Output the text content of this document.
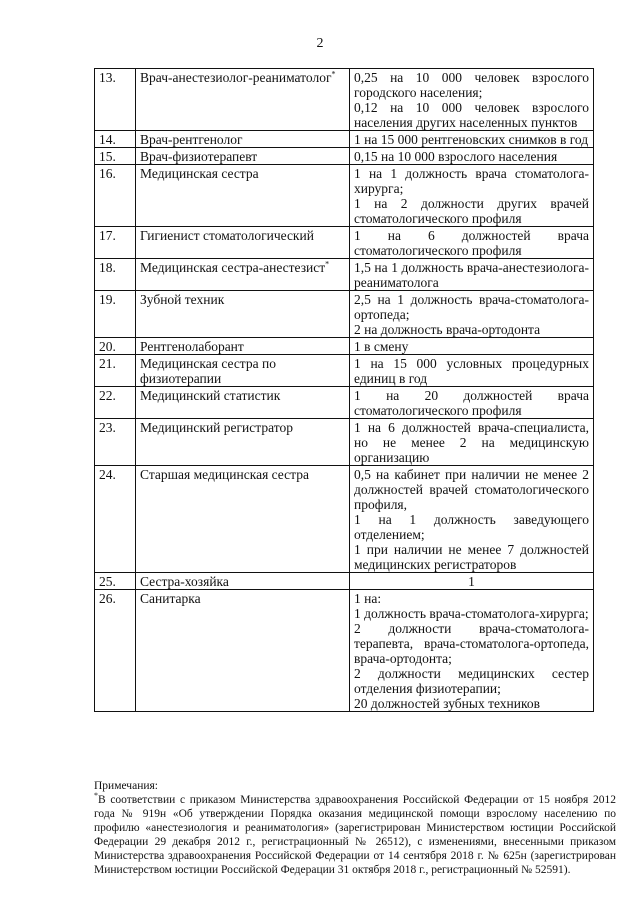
2
13.	Врач-анестезиолог-реаниматолог*	0,25 на 10 000 человек взрослого городского населения;
0,12 на 10 000 человек взрослого населения других населенных пунктов

14.	Врач-рентгенолог	1 на 15 000 рентгеновских снимков в год

15.	Врач-физиотерапевт	0,15 на 10 000 взрослого населения

16.	Медицинская сестра	1 на 1 должность врача стоматолога-хирурга;
1 на 2 должности других врачей стоматологического профиля

17.	Гигиенист стоматологический	1 на 6 должностей врача стоматологического профиля

18.	Медицинская сестра-анестезист*	1,5 на 1 должность врача-анестезиолога-реаниматолога

19.	Зубной техник	2,5 на 1 должность врача-стоматолога-ортопеда;
2 на должность врача-ортодонта

20.	Рентгенолаборант	1 в смену

21.	Медицинская сестра по физиотерапии	1 на 15 000 условных процедурных единиц в год

22.	Медицинский статистик	1 на 20 должностей врача стоматологического профиля

23.	Медицинский регистратор	1 на 6 должностей врача-специалиста, но не менее 2 на медицинскую организацию

24.	Старшая медицинская сестра	0,5 на кабинет при наличии не менее 2 должностей врачей стоматологического профиля,
1 на 1 должность заведующего отделением;
1 при наличии не менее 7 должностей медицинских регистраторов

25.	Сестра-хозяйка	1

26.	Санитарка	1 на:
1 должность врача-стоматолога-хирурга;
2 должности врача-стоматолога-терапевта, врача-стоматолога-ортопеда, врача-ортодонта;
2 должности медицинских сестер отделения физиотерапии;
20 должностей зубных техников
Примечания:
*В соответствии с приказом Министерства здравоохранения Российской Федерации от 15 ноября 2012 года № 919н «Об утверждении Порядка оказания медицинской помощи взрослому населению по профилю «анестезиология и реаниматология» (зарегистрирован Министерством юстиции Российской Федерации 29 декабря 2012 г., регистрационный № 26512), с изменениями, внесенными приказом Министерства здравоохранения Российской Федерации от 14 сентября 2018 г. № 625н (зарегистрирован Министерством юстиции Российской Федерации 31 октября 2018 г., регистрационный № 52591).
